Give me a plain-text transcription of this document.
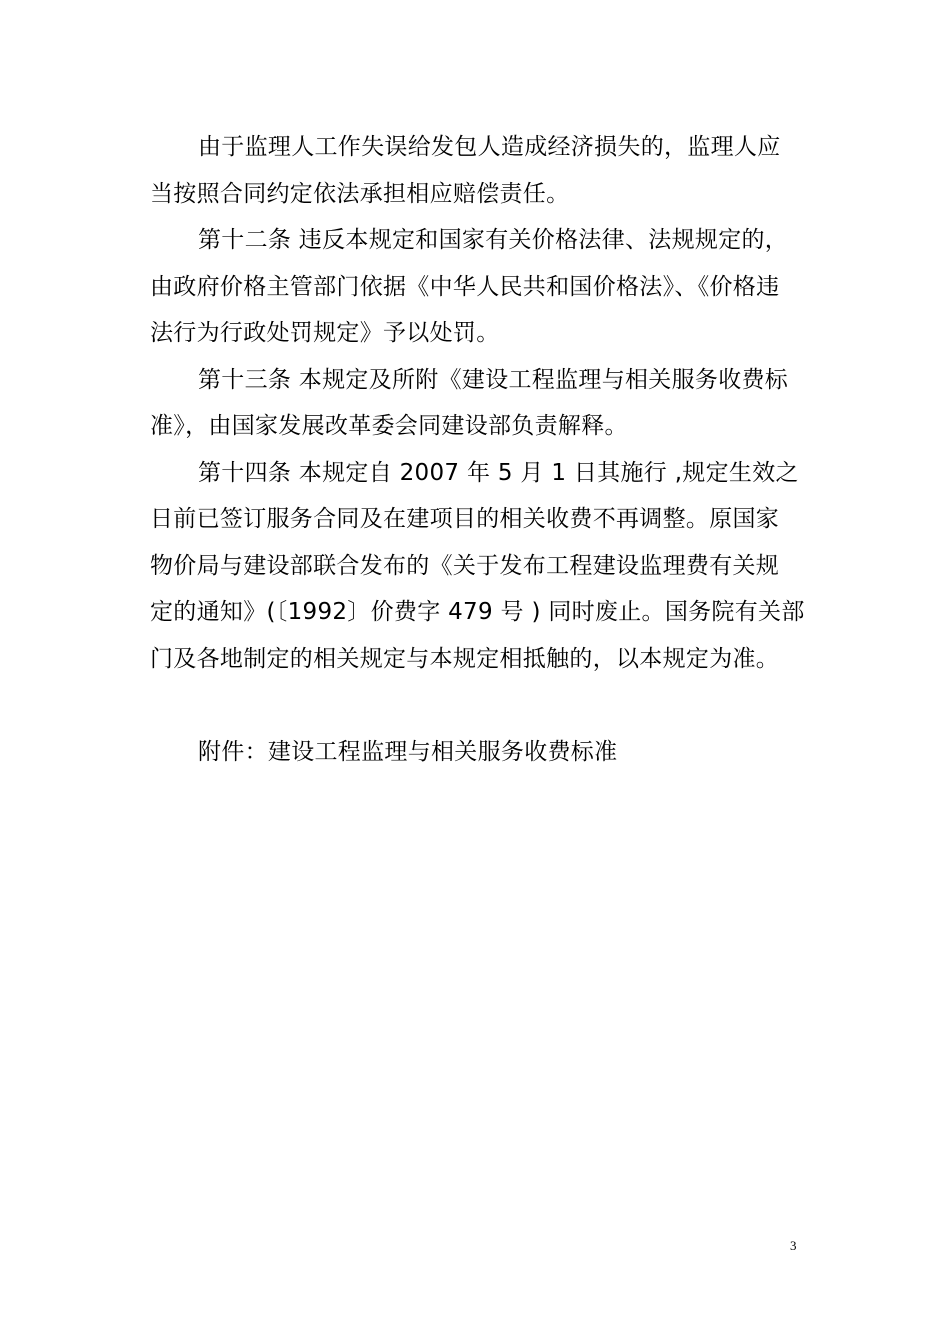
由于监理人工作失误给发包人造成经济损失的，监理人应
当按照合同约定依法承担相应赔偿责任。
第十二条 违反本规定和国家有关价格法律、法规规定的，
由政府价格主管部门依据《中华人民共和国价格法》、《价格违
法行为行政处罚规定》予以处罚。
第十三条 本规定及所附《建设工程监理与相关服务收费标
准》，由国家发展改革委会同建设部负责解释。
第十四条 本规定自 2007 年 5 月 1 日其施行 ,规定生效之
日前已签订服务合同及在建项目的相关收费不再调整。原国家
物价局与建设部联合发布的《关于发布工程建设监理费有关规
定的通知》(〔1992〕价费字 479 号 ) 同时废止。国务院有关部
门及各地制定的相关规定与本规定相抵触的，以本规定为准。
附件：建设工程监理与相关服务收费标准
3
